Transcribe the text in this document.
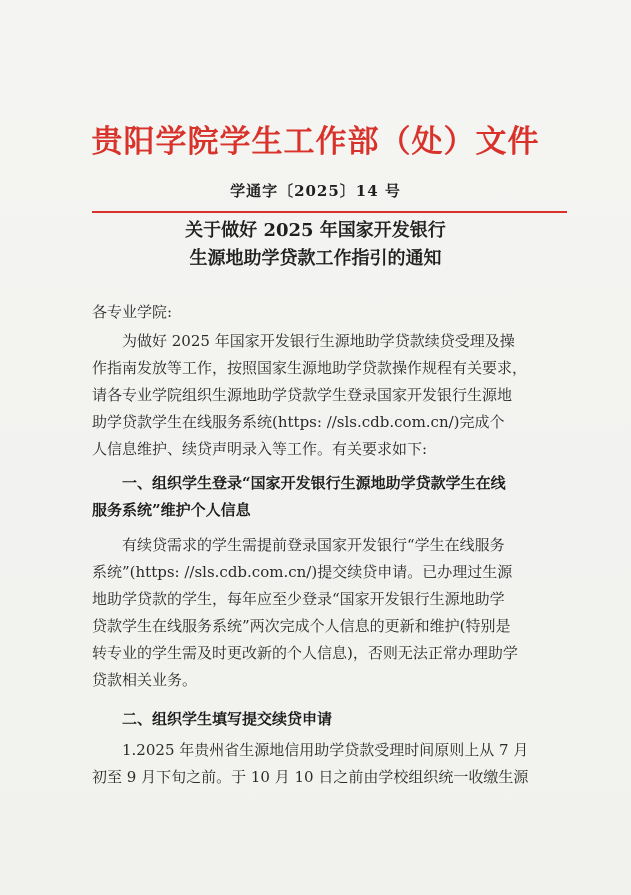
贵阳学院学生工作部（处）文件
学通字〔2025〕14 号
关于做好 2025 年国家开发银行
生源地助学贷款工作指引的通知
各专业学院:
为做好 2025 年国家开发银行生源地助学贷款续贷受理及操
作指南发放等工作，按照国家生源地助学贷款操作规程有关要求，
请各专业学院组织生源地助学贷款学生登录国家开发银行生源地
助学贷款学生在线服务系统(https: //sls.cdb.com.cn/)完成个
人信息维护、续贷声明录入等工作。有关要求如下:
一、组织学生登录“国家开发银行生源地助学贷款学生在线
服务系统”维护个人信息
有续贷需求的学生需提前登录国家开发银行“学生在线服务
系统”(https: //sls.cdb.com.cn/)提交续贷申请。已办理过生源
地助学贷款的学生，每年应至少登录“国家开发银行生源地助学
贷款学生在线服务系统”两次完成个人信息的更新和维护(特别是
转专业的学生需及时更改新的个人信息)，否则无法正常办理助学
贷款相关业务。
二、组织学生填写提交续贷申请
1.2025 年贵州省生源地信用助学贷款受理时间原则上从 7 月
初至 9 月下旬之前。于 10 月 10 日之前由学校组织统一收缴生源
